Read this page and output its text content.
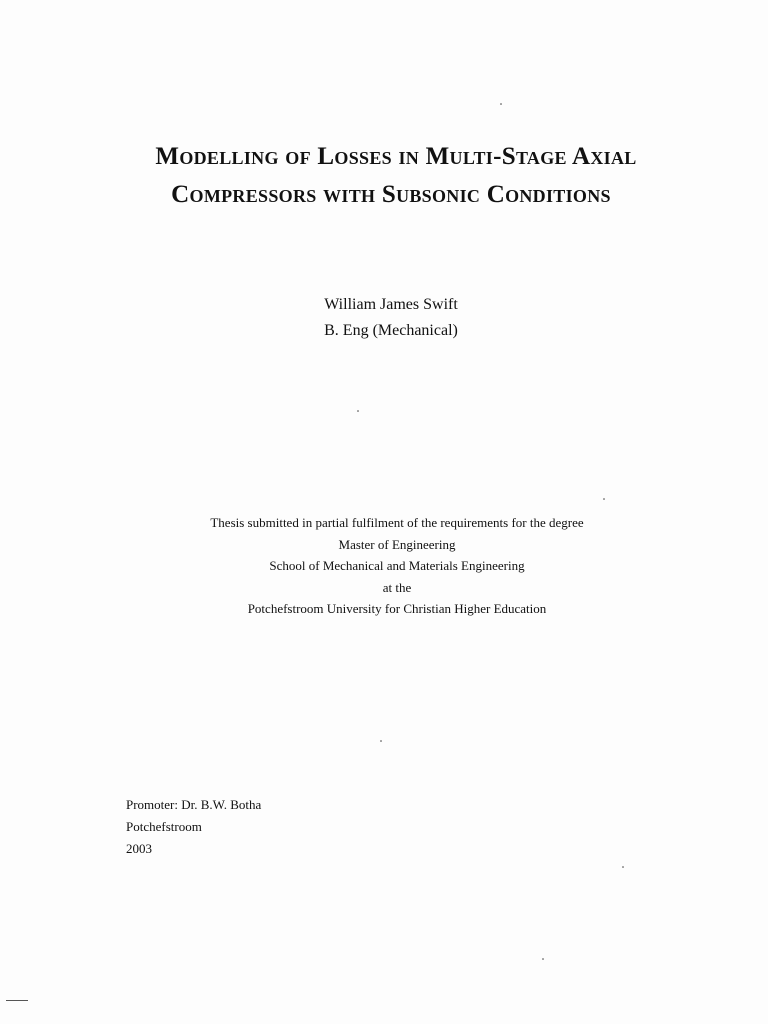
Modelling of Losses in Multi-Stage Axial
Compressors with Subsonic Conditions
William James Swift
B. Eng (Mechanical)
Thesis submitted in partial fulfilment of the requirements for the degree
Master of Engineering
School of Mechanical and Materials Engineering
at the
Potchefstroom University for Christian Higher Education
Promoter: Dr. B.W. Botha
Potchefstroom
2003
